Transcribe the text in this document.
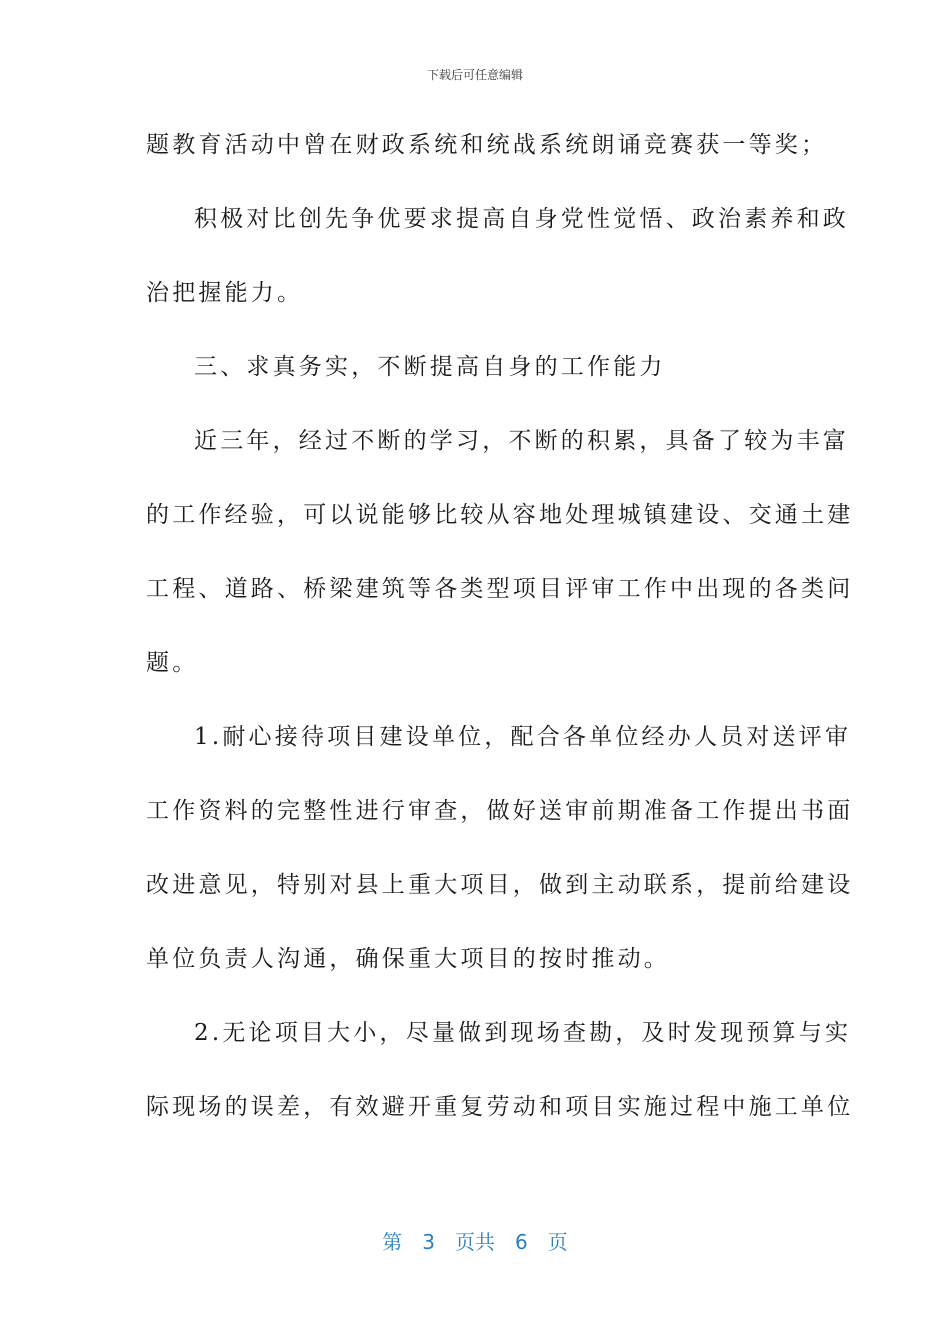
下载后可任意编辑
题教育活动中曾在财政系统和统战系统朗诵竞赛获一等奖；
积极对比创先争优要求提高自身党性觉悟、政治素养和政
治把握能力。
三、求真务实，不断提高自身的工作能力
近三年，经过不断的学习，不断的积累，具备了较为丰富
的工作经验，可以说能够比较从容地处理城镇建设、交通土建
工程、道路、桥梁建筑等各类型项目评审工作中出现的各类问
题。
1.耐心接待项目建设单位，配合各单位经办人员对送评审
工作资料的完整性进行审查，做好送审前期准备工作提出书面
改进意见，特别对县上重大项目，做到主动联系，提前给建设
单位负责人沟通，确保重大项目的按时推动。
2.无论项目大小，尽量做到现场查勘，及时发现预算与实
际现场的误差，有效避开重复劳动和项目实施过程中施工单位
第 3 页共 6 页
